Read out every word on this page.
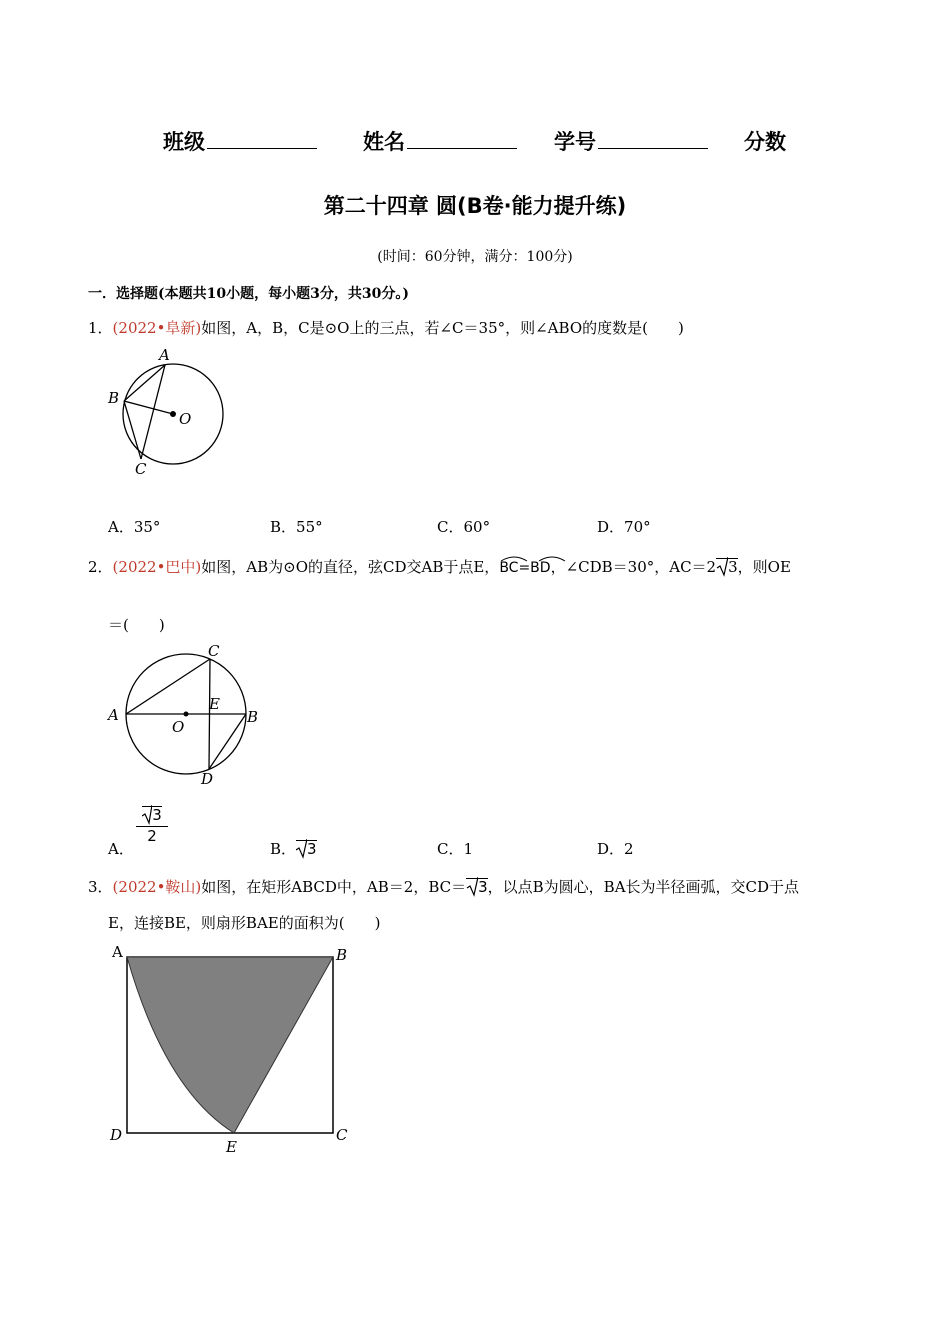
班级	姓名	学号	分数
第二十四章 圆(B卷·能力提升练)
(时间：60分钟，满分：100分)
一．选择题(本题共10小题，每小题3分，共30分。)
1．(2022•阜新)如图，A，B，C是⊙O上的三点，若∠C＝35°，则∠ABO的度数是(　　)
A
B
C
O
A．35°	B．55°	C．60°	D．70°
2．(2022•巴中)如图，AB为⊙O的直径，弦CD交AB于点E，
BC=BD，∠CDB＝30°，AC＝2 3，则OE
＝(　　)
C
A
O
E
B
D
A．
$\frac{3}{2}$
B． 3	C．1	D．2
3．(2022•鞍山)如图，在矩形ABCD中，AB＝2，BC＝ 3，以点B为圆心，BA长为半径画弧，交CD于点
E，连接BE，则扇形BAE的面积为(　　)
A	B
D
E
C
